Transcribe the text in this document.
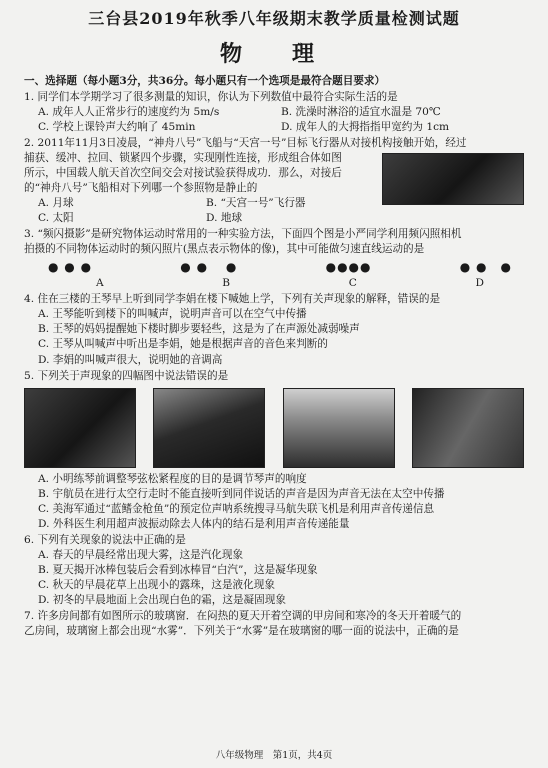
三台县2019年秋季八年级期末教学质量检测试题
物　理
一、选择题（每小题3分，共36分。每小题只有一个选项是最符合题目要求）
1. 同学们本学期学习了很多测量的知识，你认为下列数值中最符合实际生活的是
A. 成年人人正常步行的速度约为 5m/s	B. 洗澡时淋浴的适宜水温是 70℃
C. 学校上课铃声大约响了 45min	D. 成年人的大拇指指甲宽约为 1cm
2. 2011年11月3日凌晨，“神舟八号”飞船与“天宫一号”目标飞行器从对接机构接触开始，经过
捕获、缓冲、拉回、锁紧四个步骤，实现刚性连接，形成组合体如图
所示，中国载人航天首次空间交会对接试验获得成功．那么，对接后
的“神舟八号”飞船相对下列哪一个参照物是静止的
A. 月球	B. “天宫一号”飞行器
C. 太阳	D. 地球
3. “频闪摄影”是研究物体运动时常用的一种实验方法，下面四个图是小严同学利用频闪照相机
拍摄的不同物体运动时的频闪照片(黑点表示物体的像)，其中可能做匀速直线运动的是
● ● ●	● ●　 ●	●●●●	● ●　●
A	B	C	D
4. 住在三楼的王琴早上听到同学李娟在楼下喊她上学，下列有关声现象的解释，错误的是
A. 王琴能听到楼下的叫喊声，说明声音可以在空气中传播
B. 王琴的妈妈提醒她下楼时脚步要轻些，这是为了在声源处减弱噪声
C. 王琴从叫喊声中听出是李娟，她是根据声音的音色来判断的
D. 李娟的叫喊声很大，说明她的音调高
5. 下列关于声现象的四幅图中说法错误的是
A. 小明练琴前调整琴弦松紧程度的目的是调节琴声的响度
B. 宇航员在进行太空行走时不能直接听到同伴说话的声音是因为声音无法在太空中传播
C. 美海军通过“蓝鳍金枪鱼”的预定位声呐系统搜寻马航失联飞机是利用声音传递信息
D. 外科医生利用超声波振动除去人体内的结石是利用声音传递能量
6. 下列有关现象的说法中正确的是
A. 春天的早晨经常出现大雾，这是汽化现象
B. 夏天揭开冰棒包装后会看到冰棒冒“白汽”，这是凝华现象
C. 秋天的早晨花草上出现小的露珠，这是液化现象
D. 初冬的早晨地面上会出现白色的霜，这是凝固现象
7. 许多房间都有如图所示的玻璃窗．在闷热的夏天开着空调的甲房间和寒冷的冬天开着暖气的
乙房间，玻璃窗上都会出现“水雾”．下列关于“水雾”是在玻璃窗的哪一面的说法中，正确的是
八年级物理　第1页，共4页
